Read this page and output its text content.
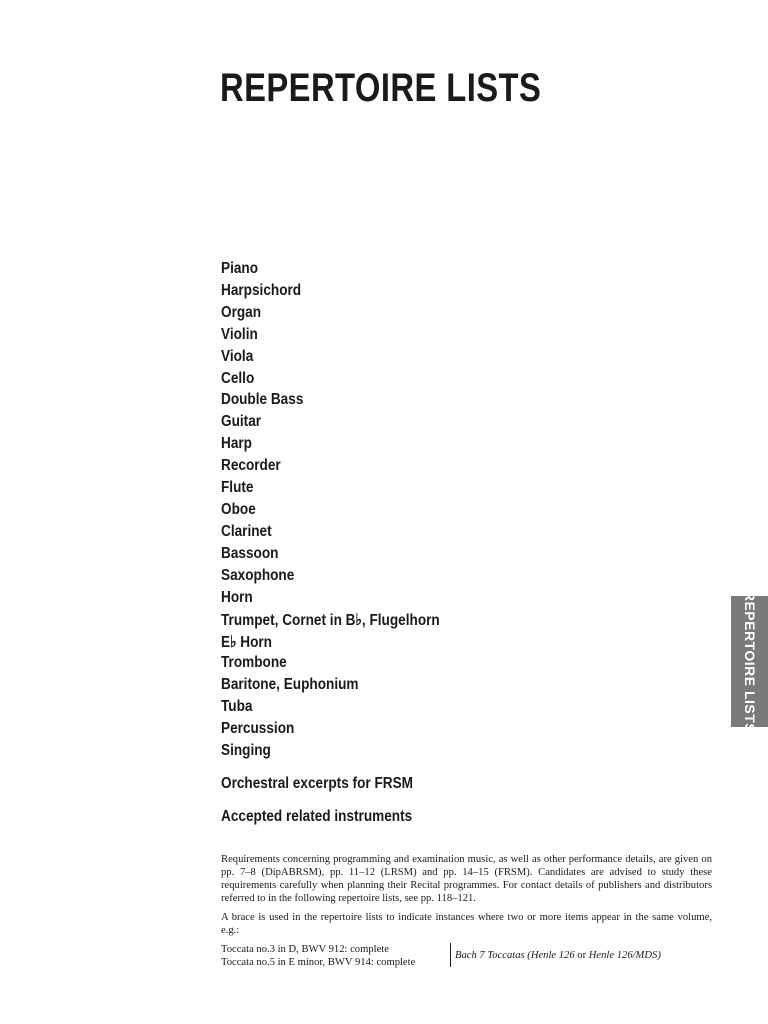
REPERTOIRE LISTS
Piano
Harpsichord
Organ
Violin
Viola
Cello
Double Bass
Guitar
Harp
Recorder
Flute
Oboe
Clarinet
Bassoon
Saxophone
Horn
Trumpet, Cornet in B♭, Flugelhorn
E♭ Horn
Trombone
Baritone, Euphonium
Tuba
Percussion
Singing
Orchestral excerpts for FRSM
Accepted related instruments
REPERTOIRE LISTS

Requirements concerning programming and examination music, as well as other performance details, are given on pp. 7–8 (DipABRSM), pp. 11–12 (LRSM) and pp. 14–15 (FRSM). Candidates are advised to study these requirements carefully when planning their Recital programmes. For contact details of publishers and distributors referred to in the following repertoire lists, see pp. 118–121.

A brace is used in the repertoire lists to indicate instances where two or more items appear in the same volume, e.g.:

Toccata no.3 in D, BWV 912: complete
Toccata no.5 in E minor, BWV 914: complete
Bach 7 Toccatas (Henle 126 or Henle 126/MDS)
